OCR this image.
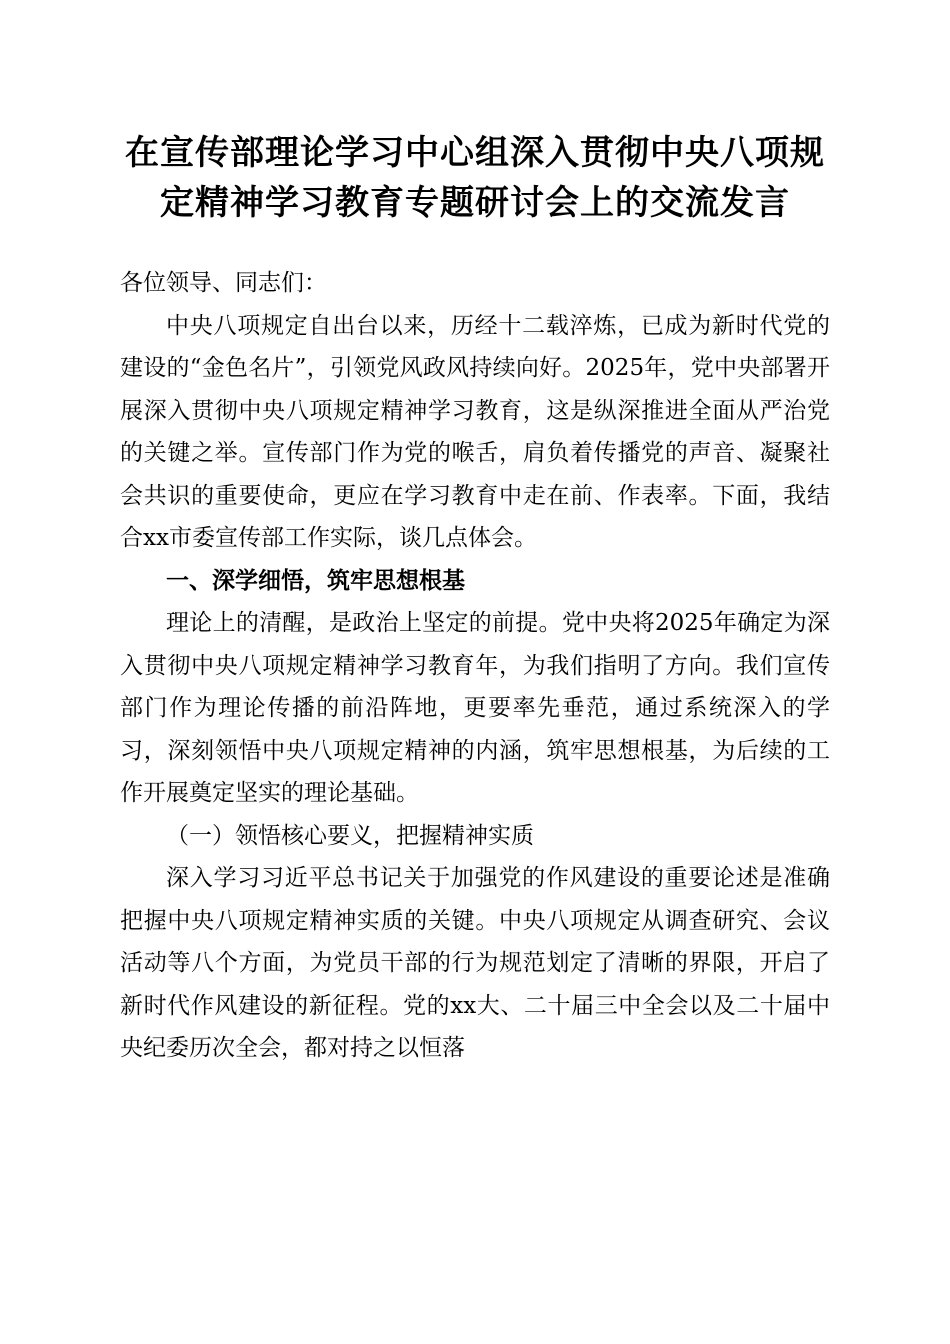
在宣传部理论学习中心组深入贯彻中央八项规
定精神学习教育专题研讨会上的交流发言

各位领导、同志们：

中央八项规定自出台以来，历经十二载淬炼，已成为新时代党的建设的“金色名片”，引领党风政风持续向好。2025年，党中央部署开展深入贯彻中央八项规定精神学习教育，这是纵深推进全面从严治党的关键之举。宣传部门作为党的喉舌，肩负着传播党的声音、凝聚社会共识的重要使命，更应在学习教育中走在前、作表率。下面，我结合xx市委宣传部工作实际，谈几点体会。

一、深学细悟，筑牢思想根基

理论上的清醒，是政治上坚定的前提。党中央将2025年确定为深入贯彻中央八项规定精神学习教育年，为我们指明了方向。我们宣传部门作为理论传播的前沿阵地，更要率先垂范，通过系统深入的学习，深刻领悟中央八项规定精神的内涵，筑牢思想根基，为后续的工作开展奠定坚实的理论基础。

（一）领悟核心要义，把握精神实质

深入学习习近平总书记关于加强党的作风建设的重要论述是准确把握中央八项规定精神实质的关键。中央八项规定从调查研究、会议活动等八个方面，为党员干部的行为规范划定了清晰的界限，开启了新时代作风建设的新征程。党的xx大、二十届三中全会以及二十届中央纪委历次全会，都对持之以恒落
